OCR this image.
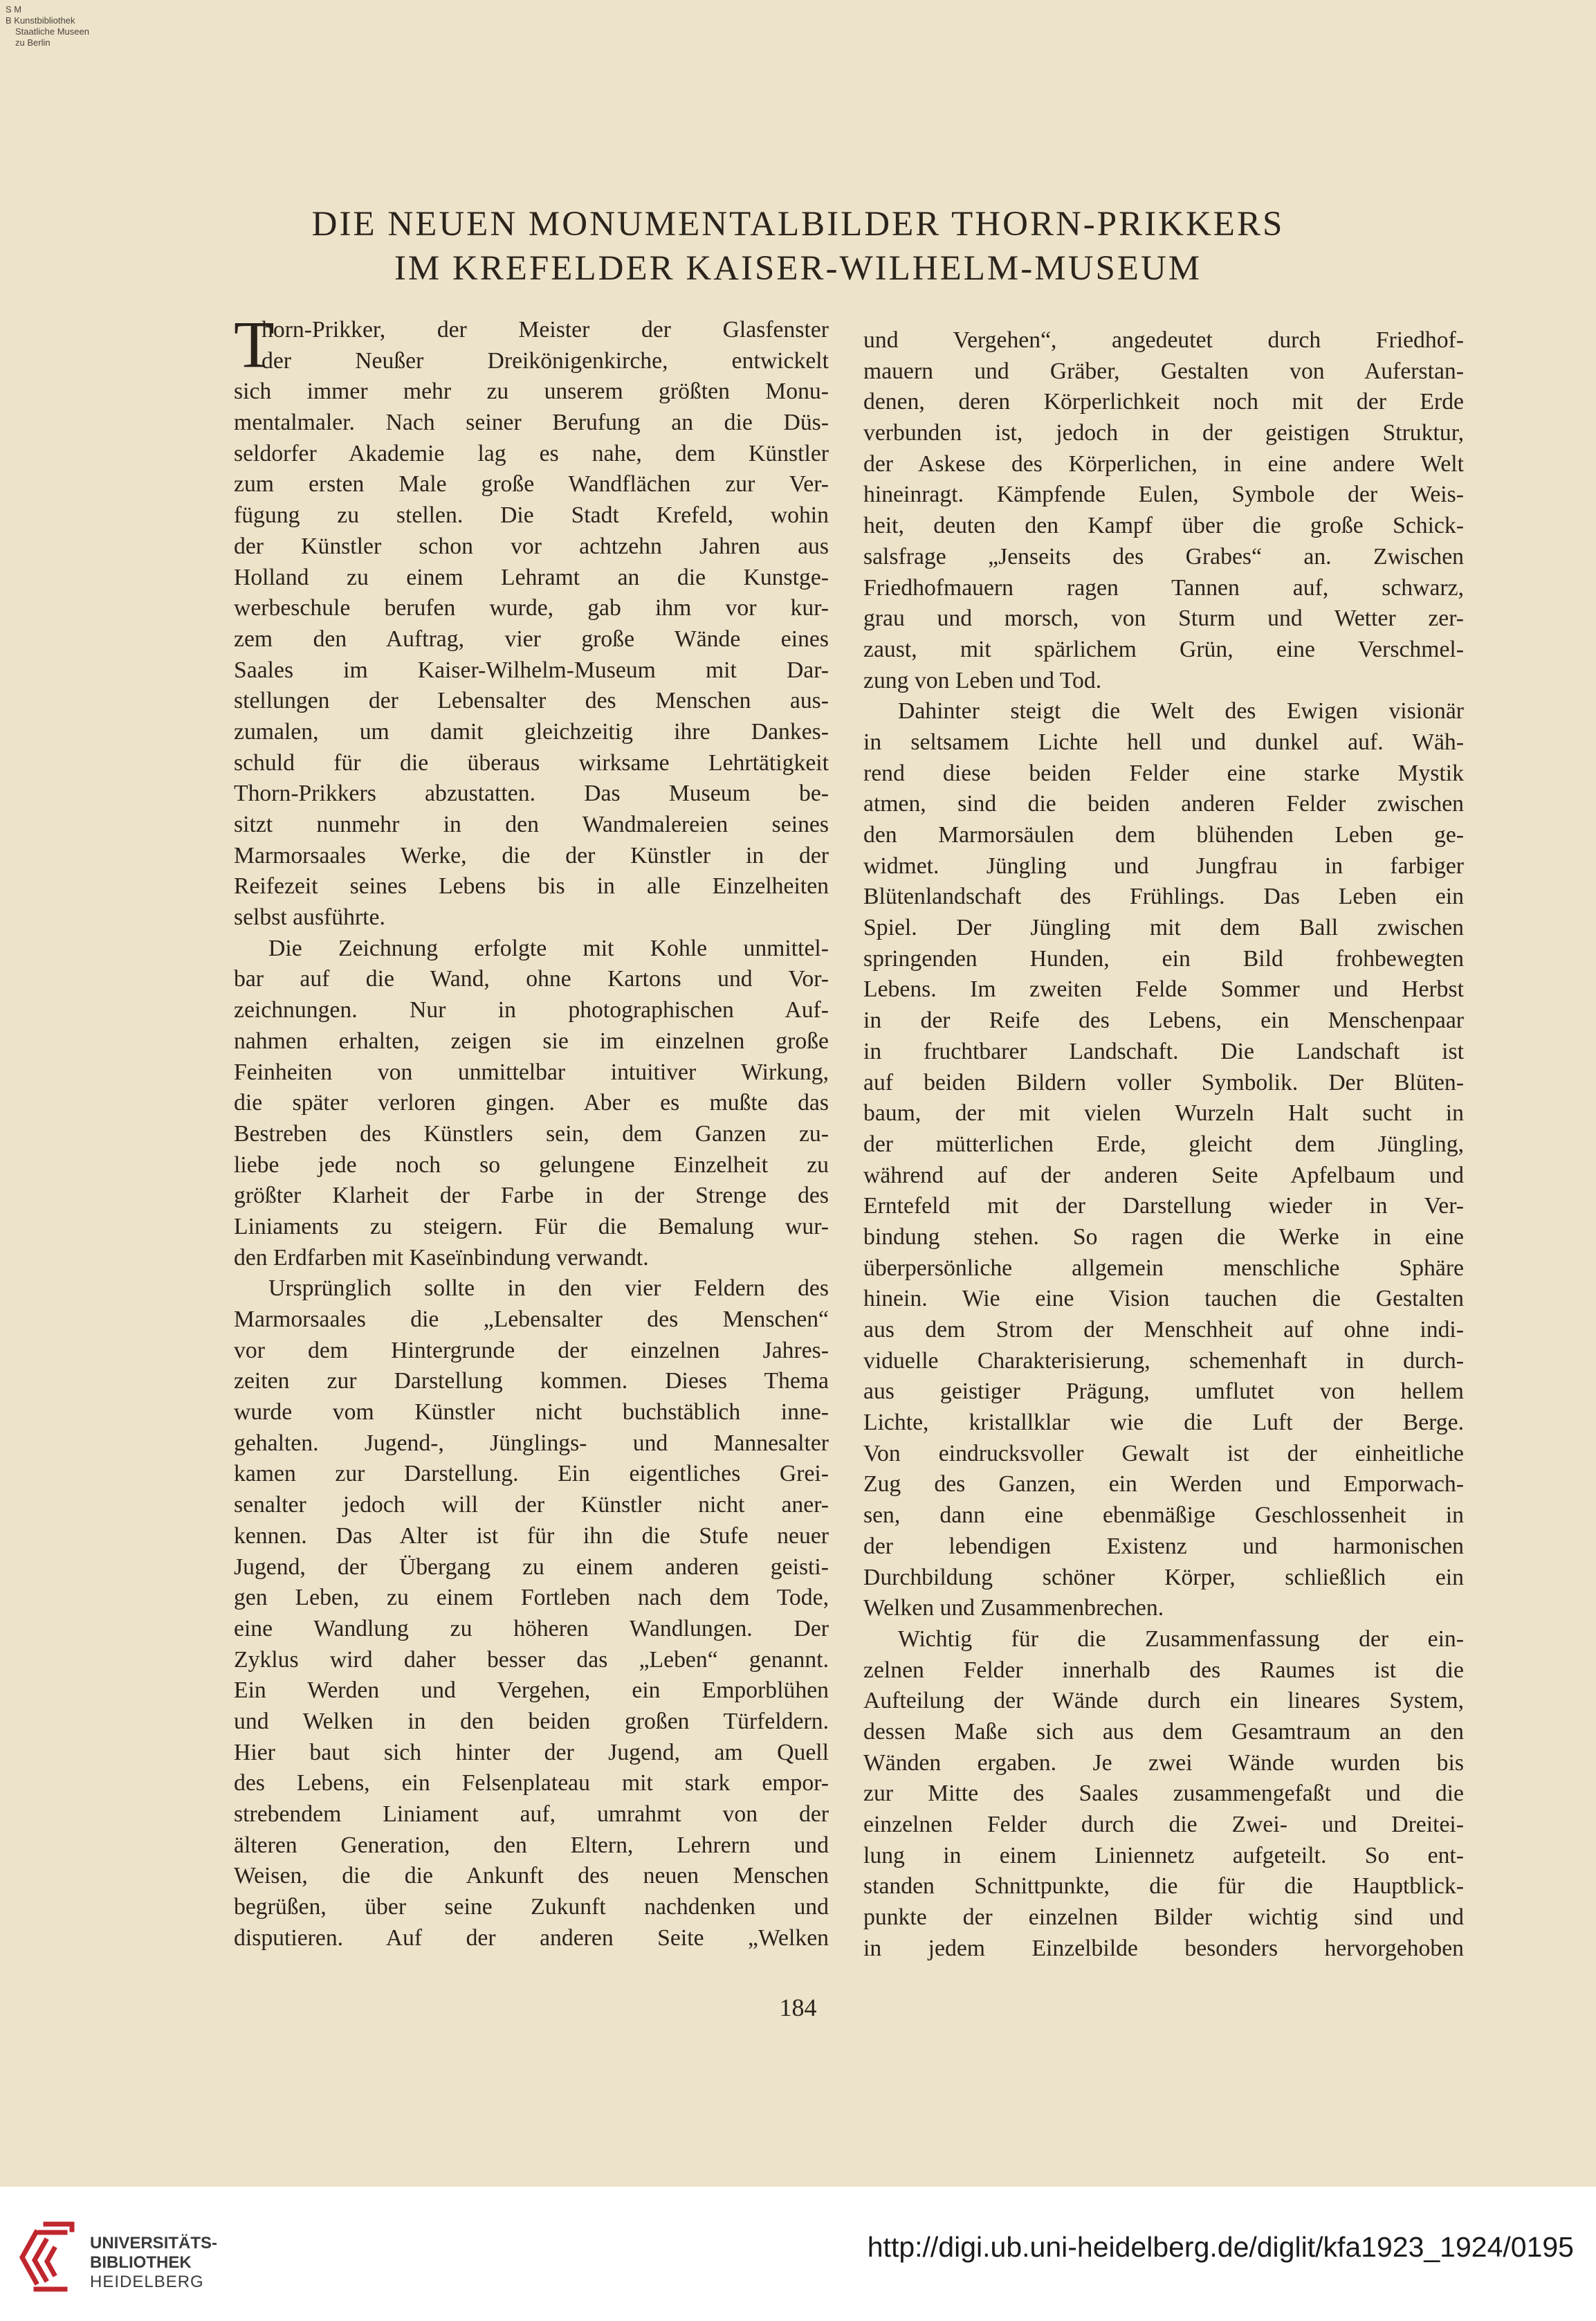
S M
B Kunstbibliothek
Staatliche Museen
zu Berlin
DIE NEUEN MONUMENTALBILDER THORN-PRIKKERS
IM KREFELDER KAISER-WILHELM-MUSEUM
T
horn-Prikker, der Meister der Glasfenster
der Neußer Dreikönigenkirche, entwickelt
sich immer mehr zu unserem größten Monu-
mentalmaler. Nach seiner Berufung an die Düs-
seldorfer Akademie lag es nahe, dem Künstler
zum ersten Male große Wandflächen zur Ver-
fügung zu stellen. Die Stadt Krefeld, wohin
der Künstler schon vor achtzehn Jahren aus
Holland zu einem Lehramt an die Kunstge-
werbeschule berufen wurde, gab ihm vor kur-
zem den Auftrag, vier große Wände eines
Saales im Kaiser-Wilhelm-Museum mit Dar-
stellungen der Lebensalter des Menschen aus-
zumalen, um damit gleichzeitig ihre Dankes-
schuld für die überaus wirksame Lehrtätigkeit
Thorn-Prikkers abzustatten. Das Museum be-
sitzt nunmehr in den Wandmalereien seines
Marmorsaales Werke, die der Künstler in der
Reifezeit seines Lebens bis in alle Einzelheiten
selbst ausführte.
Die Zeichnung erfolgte mit Kohle unmittel-
bar auf die Wand, ohne Kartons und Vor-
zeichnungen. Nur in photographischen Auf-
nahmen erhalten, zeigen sie im einzelnen große
Feinheiten von unmittelbar intuitiver Wirkung,
die später verloren gingen. Aber es mußte das
Bestreben des Künstlers sein, dem Ganzen zu-
liebe jede noch so gelungene Einzelheit zu
größter Klarheit der Farbe in der Strenge des
Liniaments zu steigern. Für die Bemalung wur-
den Erdfarben mit Kaseïnbindung verwandt.
Ursprünglich sollte in den vier Feldern des
Marmorsaales die „Lebensalter des Menschen“
vor dem Hintergrunde der einzelnen Jahres-
zeiten zur Darstellung kommen. Dieses Thema
wurde vom Künstler nicht buchstäblich inne-
gehalten. Jugend-, Jünglings- und Mannesalter
kamen zur Darstellung. Ein eigentliches Grei-
senalter jedoch will der Künstler nicht aner-
kennen. Das Alter ist für ihn die Stufe neuer
Jugend, der Übergang zu einem anderen geisti-
gen Leben, zu einem Fortleben nach dem Tode,
eine Wandlung zu höheren Wandlungen. Der
Zyklus wird daher besser das „Leben“ genannt.
Ein Werden und Vergehen, ein Emporblühen
und Welken in den beiden großen Türfeldern.
Hier baut sich hinter der Jugend, am Quell
des Lebens, ein Felsenplateau mit stark empor-
strebendem Liniament auf, umrahmt von der
älteren Generation, den Eltern, Lehrern und
Weisen, die die Ankunft des neuen Menschen
begrüßen, über seine Zukunft nachdenken und
disputieren. Auf der anderen Seite „Welken
und Vergehen“, angedeutet durch Friedhof-
mauern und Gräber, Gestalten von Auferstan-
denen, deren Körperlichkeit noch mit der Erde
verbunden ist, jedoch in der geistigen Struktur,
der Askese des Körperlichen, in eine andere Welt
hineinragt. Kämpfende Eulen, Symbole der Weis-
heit, deuten den Kampf über die große Schick-
salsfrage „Jenseits des Grabes“ an. Zwischen
Friedhofmauern ragen Tannen auf, schwarz,
grau und morsch, von Sturm und Wetter zer-
zaust, mit spärlichem Grün, eine Verschmel-
zung von Leben und Tod.
Dahinter steigt die Welt des Ewigen visionär
in seltsamem Lichte hell und dunkel auf. Wäh-
rend diese beiden Felder eine starke Mystik
atmen, sind die beiden anderen Felder zwischen
den Marmorsäulen dem blühenden Leben ge-
widmet. Jüngling und Jungfrau in farbiger
Blütenlandschaft des Frühlings. Das Leben ein
Spiel. Der Jüngling mit dem Ball zwischen
springenden Hunden, ein Bild frohbewegten
Lebens. Im zweiten Felde Sommer und Herbst
in der Reife des Lebens, ein Menschenpaar
in fruchtbarer Landschaft. Die Landschaft ist
auf beiden Bildern voller Symbolik. Der Blüten-
baum, der mit vielen Wurzeln Halt sucht in
der mütterlichen Erde, gleicht dem Jüngling,
während auf der anderen Seite Apfelbaum und
Erntefeld mit der Darstellung wieder in Ver-
bindung stehen. So ragen die Werke in eine
überpersönliche allgemein menschliche Sphäre
hinein. Wie eine Vision tauchen die Gestalten
aus dem Strom der Menschheit auf ohne indi-
viduelle Charakterisierung, schemenhaft in durch-
aus geistiger Prägung, umflutet von hellem
Lichte, kristallklar wie die Luft der Berge.
Von eindrucksvoller Gewalt ist der einheitliche
Zug des Ganzen, ein Werden und Emporwach-
sen, dann eine ebenmäßige Geschlossenheit in
der lebendigen Existenz und harmonischen
Durchbildung schöner Körper, schließlich ein
Welken und Zusammenbrechen.
Wichtig für die Zusammenfassung der ein-
zelnen Felder innerhalb des Raumes ist die
Aufteilung der Wände durch ein lineares System,
dessen Maße sich aus dem Gesamtraum an den
Wänden ergaben. Je zwei Wände wurden bis
zur Mitte des Saales zusammengefaßt und die
einzelnen Felder durch die Zwei- und Dreitei-
lung in einem Liniennetz aufgeteilt. So ent-
standen Schnittpunkte, die für die Hauptblick-
punkte der einzelnen Bilder wichtig sind und
in jedem Einzelbilde besonders hervorgehoben
184
UNIVERSITÄTS-
BIBLIOTHEK
HEIDELBERG
http://digi.ub.uni-heidelberg.de/diglit/kfa1923_1924/0195
